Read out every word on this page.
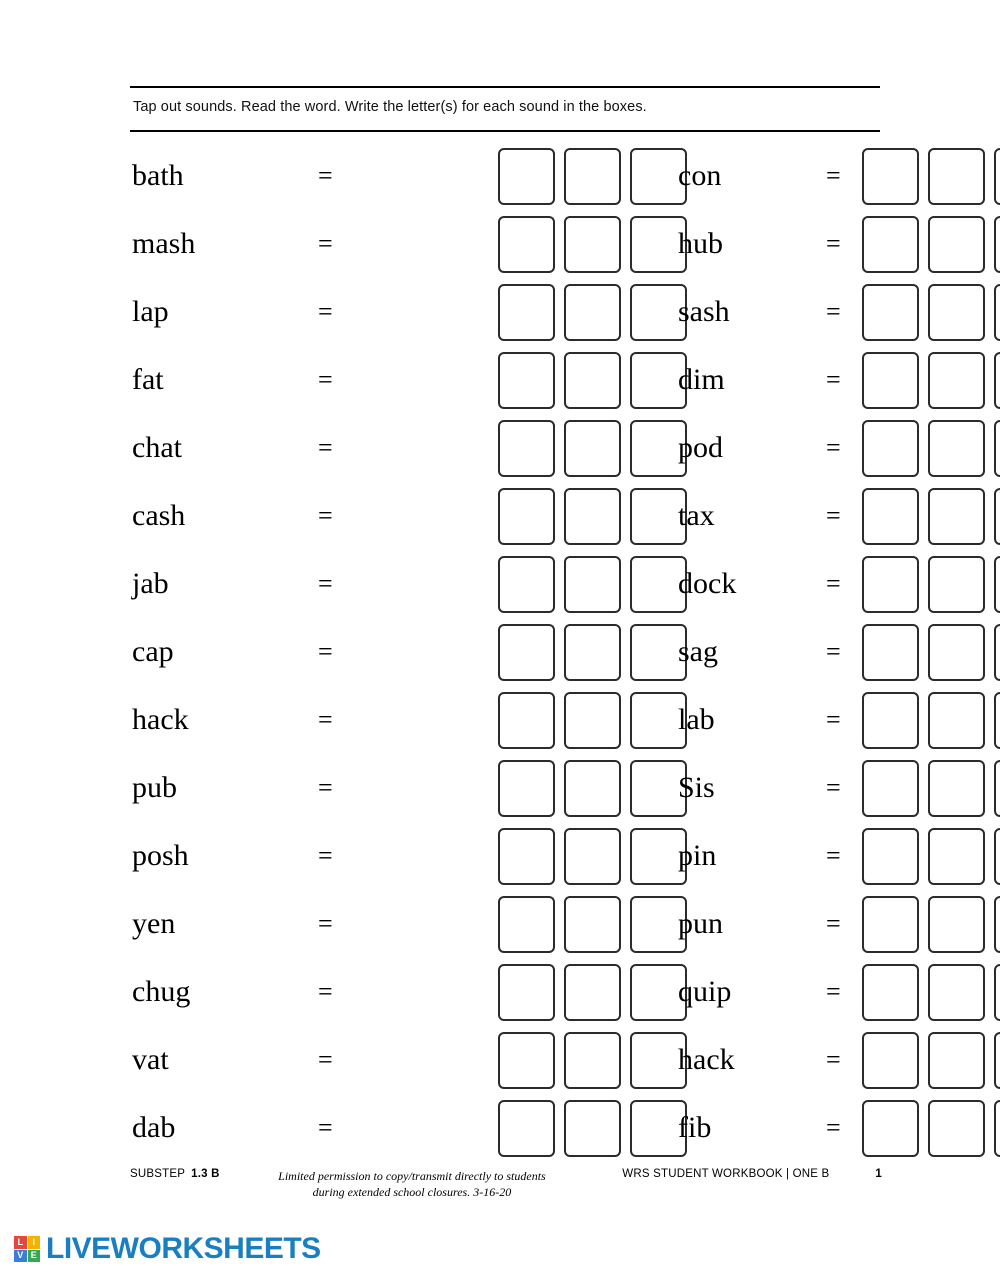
Tap out sounds. Read the word. Write the letter(s) for each sound in the boxes.
bath	=	con	=
mash	=	hub	=
lap	=	sash	=
fat	=	dim	=
chat	=	pod	=
cash	=	tax	=
jab	=	dock	=
cap	=	sag	=
hack	=	lab	=
pub	=	Sis	=
posh	=	pin	=
yen	=	pun	=
chug	=	quip	=
vat	=	hack	=
dab	=	fib	=
SUBSTEP 1.3 B	Limited permission to copy/transmit directly to students
during extended school closures. 3-16-20
WRS STUDENT WORKBOOK | ONE B	1
L	I
V E LIVEWORKSHEETS
